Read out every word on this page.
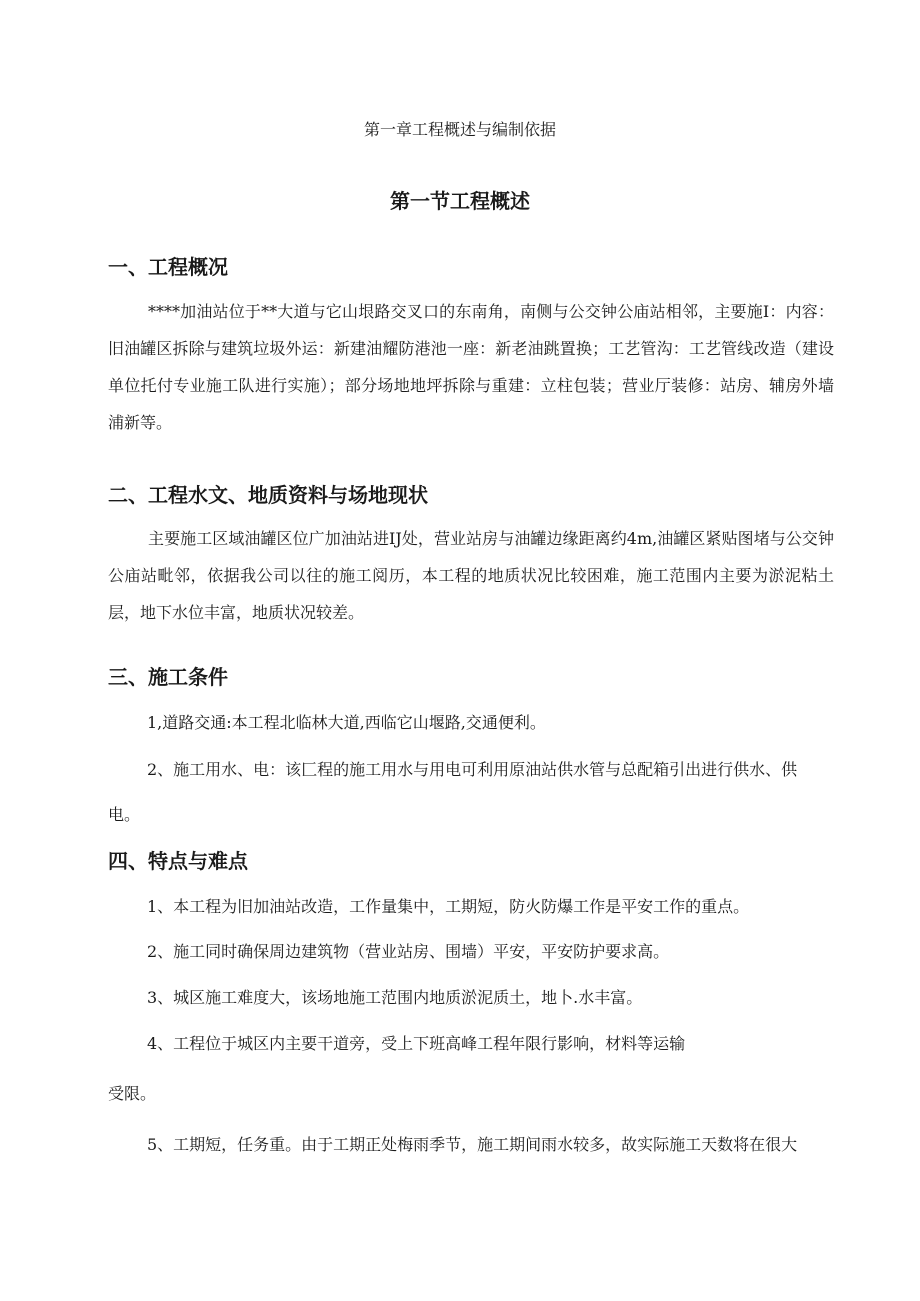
第一章工程概述与编制依据
第一节工程概述
一、工程概况
****加油站位于**大道与它山垠路交叉口的东南角，南侧与公交钟公庙站相邻，主要施I：内容：旧油罐区拆除与建筑垃圾外运：新建油耀防港池一座：新老油跳置换；工艺管沟：工艺管线改造（建设单位托付专业施工队进行实施）；部分场地地坪拆除与重建：立柱包装；营业厅装修：站房、辅房外墙浦新等。
二、工程水文、地质资料与场地现状
主要施工区域油罐区位广加油站进IJ处，营业站房与油罐边缘距离约4m,油罐区紧贴图堵与公交钟公庙站毗邻，依据我公司以往的施工阅历，本工程的地质状况比较困难，施工范围内主要为淤泥粘土层，地下水位丰富，地质状况较差。
三、施工条件
1,道路交通:本工程北临林大道,西临它山堰路,交通便利。
2、施工用水、电：该匚程的施工用水与用电可利用原油站供水管与总配箱引出进行供水、供
电。
四、特点与难点
1、本工程为旧加油站改造，工作量集中，工期短，防火防爆工作是平安工作的重点。
2、施工同时确保周边建筑物（营业站房、围墙）平安，平安防护要求高。
3、城区施工难度大，该场地施工范围内地质淤泥质土，地卜.水丰富。
4、工程位于城区内主要干道旁，受上下班高峰工程年限行影响，材料等运输
受限。
5、工期短，任务重。由于工期正处梅雨季节，施工期间雨水较多，故实际施工天数将在很大
